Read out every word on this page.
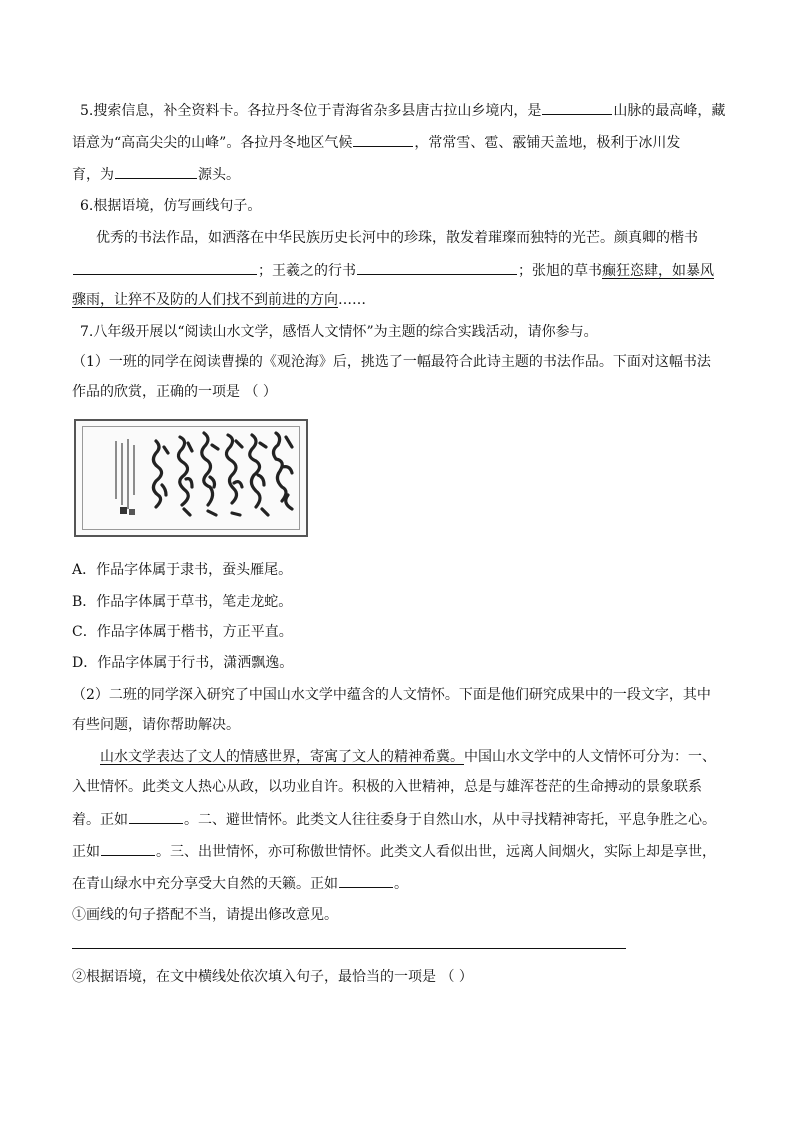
5.搜索信息，补全资料卡。各拉丹冬位于青海省杂多县唐古拉山乡境内，是	山脉的最高峰，藏
语意为“高高尖尖的山峰”。各拉丹冬地区气候	，常常雪、雹、霰铺天盖地，极利于冰川发
育，为	源头。
6.根据语境，仿写画线句子。
优秀的书法作品，如洒落在中华民族历史长河中的珍珠，散发着璀璨而独特的光芒。颜真卿的楷书
；王羲之的行书	；张旭的草书癫狂恣肆，如暴风
骤雨，让猝不及防的人们找不到前进的方向……
7.八年级开展以“阅读山水文学，感悟人文情怀”为主题的综合实践活动，请你参与。
（1）一班的同学在阅读曹操的《观沧海》后，挑选了一幅最符合此诗主题的书法作品。下面对这幅书法
作品的欣赏，正确的一项是 （ ）
A．作品字体属于隶书，蚕头雁尾。
B．作品字体属于草书，笔走龙蛇。
C．作品字体属于楷书，方正平直。
D．作品字体属于行书，潇洒飘逸。
（2）二班的同学深入研究了中国山水文学中蕴含的人文情怀。下面是他们研究成果中的一段文字，其中
有些问题，请你帮助解决。
山水文学表达了文人的情感世界，寄寓了文人的精神希冀。中国山水文学中的人文情怀可分为：一、
入世情怀。此类文人热心从政，以功业自许。积极的入世精神，总是与雄浑苍茫的生命搏动的景象联系
着。正如	。二、避世情怀。此类文人往往委身于自然山水，从中寻找精神寄托，平息争胜之心。
正如	。三、出世情怀，亦可称傲世情怀。此类文人看似出世，远离人间烟火，实际上却是享世，
在青山绿水中充分享受大自然的天籁。正如	。
①画线的句子搭配不当，请提出修改意见。
②根据语境，在文中横线处依次填入句子，最恰当的一项是 （ ）
